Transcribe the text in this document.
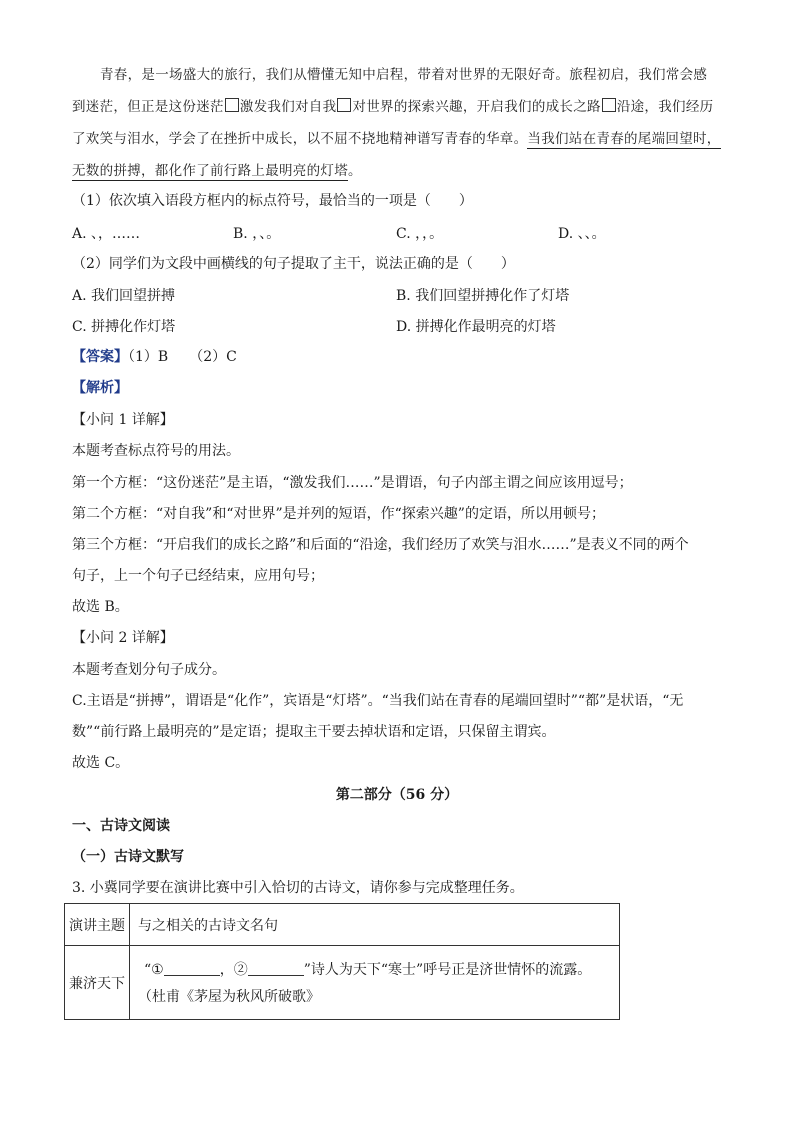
青春，是一场盛大的旅行，我们从懵懂无知中启程，带着对世界的无限好奇。旅程初启，我们常会感
到迷茫，但正是这份迷茫 激发我们对自我 对世界的探索兴趣，开启我们的成长之路 沿途，我们经历
了欢笑与泪水，学会了在挫折中成长，以不屈不挠地精神谱写青春的华章。当我们站在青春的尾端回望时，
无数的拼搏，都化作了前行路上最明亮的灯塔。
（1）依次填入语段方框内的标点符号，最恰当的一项是（　　）
A. 、，……	B. ，、。	C. ，，。	D. 、、。
（2）同学们为文段中画横线的句子提取了主干，说法正确的是（　　）
A. 我们回望拼搏	B. 我们回望拼搏化作了灯塔
C. 拼搏化作灯塔	D. 拼搏化作最明亮的灯塔
【答案】（1）B　　（2）C
【解析】
【小问 1 详解】
本题考查标点符号的用法。
第一个方框：“这份迷茫”是主语，“激发我们……”是谓语，句子内部主谓之间应该用逗号；
第二个方框：“对自我”和“对世界”是并列的短语，作“探索兴趣”的定语，所以用顿号；
第三个方框：“开启我们的成长之路”和后面的“沿途，我们经历了欢笑与泪水……”是表义不同的两个
句子，上一个句子已经结束，应用句号；
故选 B。
【小问 2 详解】
本题考查划分句子成分。
C.主语是“拼搏”，谓语是“化作”，宾语是“灯塔”。“当我们站在青春的尾端回望时”“都”是状语，“无
数”“前行路上最明亮的”是定语；提取主干要去掉状语和定语，只保留主谓宾。
故选 C。
第二部分（56 分）
一、古诗文阅读
（一）古诗文默写
3. 小冀同学要在演讲比赛中引入恰切的古诗文，请你参与完成整理任务。
演讲主题	与之相关的古诗文名句
兼济天下	“① ，② ”诗人为天下“寒士”呼号正是济世情怀的流露。
（杜甫《茅屋为秋风所破歌》
